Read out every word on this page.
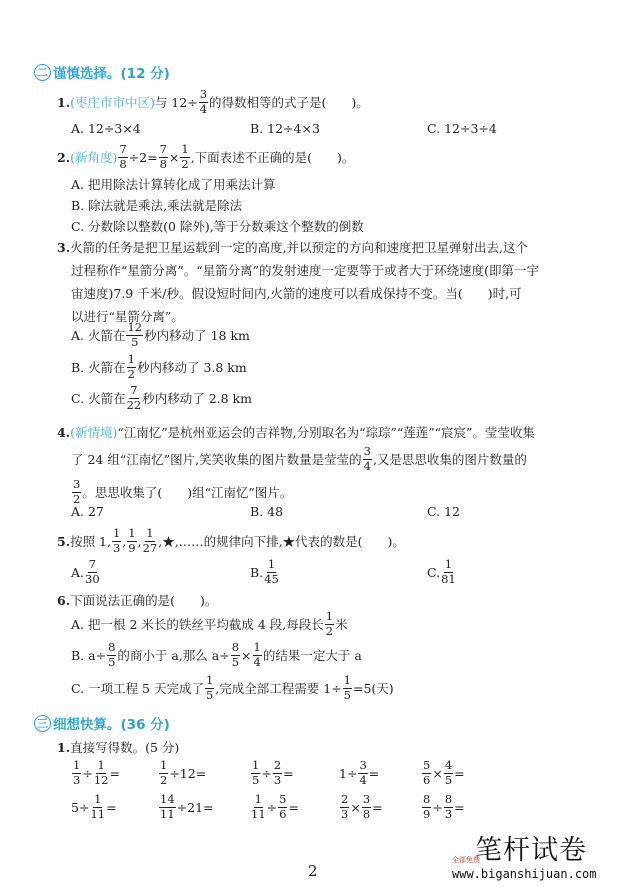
二 谨慎选择。(12 分)
1. (枣庄市市中区) 与 $12\div \frac{3}{4}$ 的得数相等的式子是(　　)。
A. 12÷3×4	B. 12÷4×3	C. 12÷3÷4
2. (新角度) $\frac{7}{8} \div 2= \frac{7}{8} \times \frac{1}{2}$ ,下面表述不正确的是(　　)。
A. 把用除法计算转化成了用乘法计算
B. 除法就是乘法,乘法就是除法
C. 分数除以整数(0 除外),等于分数乘这个整数的倒数
3.火箭的任务是把卫星运载到一定的高度,并以预定的方向和速度把卫星弹射出去,这个
过程称作“星箭分离”。“星箭分离”的发射速度一定要等于或者大于环绕速度(即第一宇
宙速度)7.9 千米/秒。假设短时间内,火箭的速度可以看成保持不变。当(　　)时,可
以进行“星箭分离”。
A. 火箭在 $\frac{12}{5}$ 秒内移动了 18 km
B. 火箭在 $\frac{1}{2}$ 秒内移动了 3.8 km
C. 火箭在 $\frac{7}{22}$ 秒内移动了 2.8 km
4. (新情境) “江南忆”是杭州亚运会的吉祥物,分别取名为“琮琮”“莲莲”“宸宸”。莹莹收集
了 24 组“江南忆”图片,笑笑收集的图片数量是莹莹的 $\frac{3}{4}$ ,又是思思收集的图片数量的
$\frac{3}{2}$ 。思思收集了(　　)组“江南忆”图片。
A. 27	B. 48	C. 12
5. 按照 1, $\frac{1}{3}$ , $\frac{1}{9}$ , $\frac{1}{27}$ ,★,……的规律向下排,★代表的数是(　　)。
A. $\frac{7}{30}$	B. $\frac{1}{45}$	C. $\frac{1}{81}$
6. 下面说法正确的是(　　)。
A. 把一根 2 米长的铁丝平均截成 4 段,每段长 $\frac{1}{2}$ 米
B. $a\div \frac{8}{5}$ 的商小于 a,那么 $a\div \frac{8}{5} \times \frac{1}{4}$ 的结果一定大于 a
C. 一项工程 5 天完成了 $\frac{1}{5}$ ,完成全部工程需要 $1\div \frac{1}{5} =5$(天)
三 细想快算。(36 分)
1. 直接写得数。(5 分)
$\frac{1}{3} \div \frac{1}{12}$ =	$\frac{1}{2} \div 12$ =	$\frac{1}{5} \div \frac{2}{3}$ =	$1\div \frac{3}{4}$ =	$\frac{5}{6} \times \frac{4}{5}$ =
$5\div \frac{1}{11}$ =	$\frac{14}{11} \div 21$ =	$\frac{1}{11} \div \frac{5}{6}$ =	$\frac{2}{3} \times \frac{3}{8}$ =	$\frac{8}{9} \div \frac{8}{3}$ =
2
全部免费
笔杆试卷
www.biganshijuan.com
